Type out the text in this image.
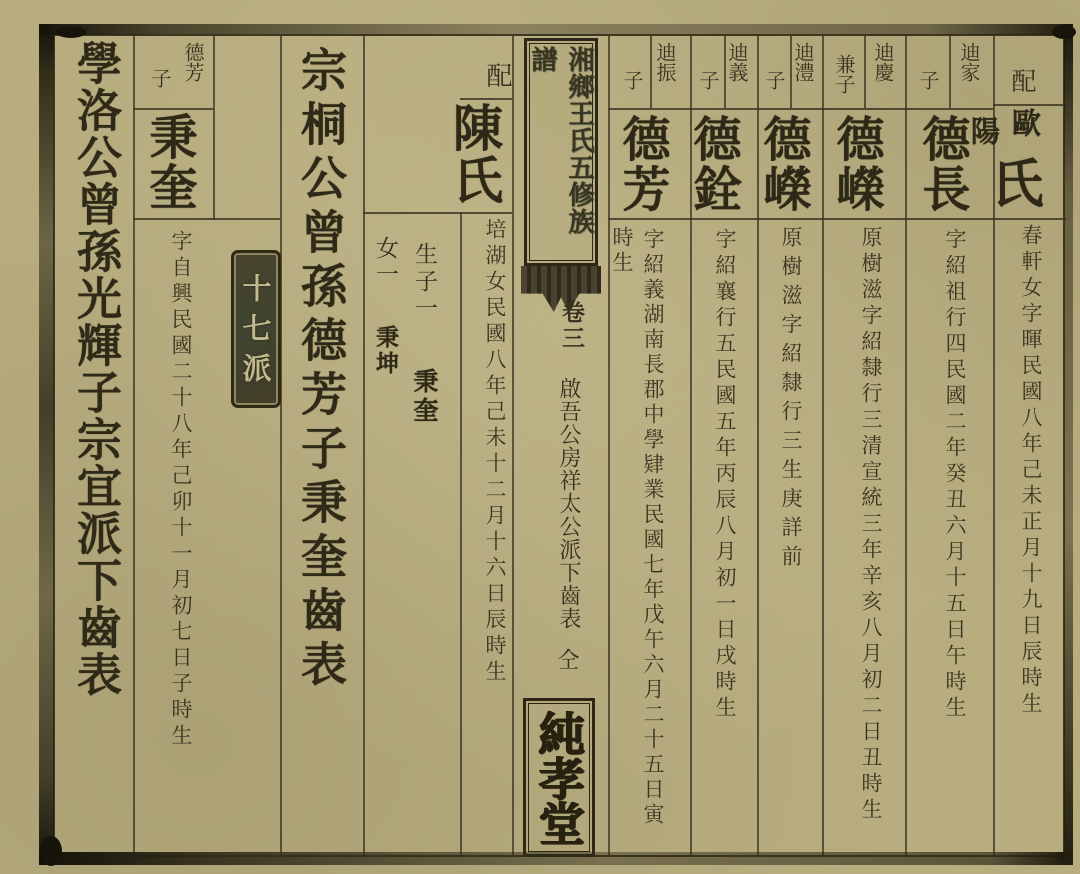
配
歐
陽
氏
春軒女字暉民國八年己未正月十九日辰時生
迪家
子
德長
字紹祖行四民國二年癸丑六月十五日午時生
迪慶
兼子
德嶸
原樹滋字紹隸行三清宣統三年辛亥八月初二日丑時生
迪澧
子
德嶸
原樹滋字紹隸行三生庚詳前
迪義
子
德銓
字紹襄行五民國五年丙辰八月初一日戌時生
迪振
子
德芳
字紹義湖南長郡中學肄業民國七年戊午六月二十五日寅
時生
湘鄉王氏五修族譜
卷三
啟吾公房祥太公派下齒表
仝
純孝堂
配
陳氏
培湖女民國八年己未十二月十六日辰時生
生子一 秉奎
女一 秉坤
宗桐公曾孫德芳子秉奎齒表
德芳
子
秉奎
十七派
字自興民國二十八年己卯十一月初七日子時生
學洛公曾孫光輝子宗宜派下齒表
